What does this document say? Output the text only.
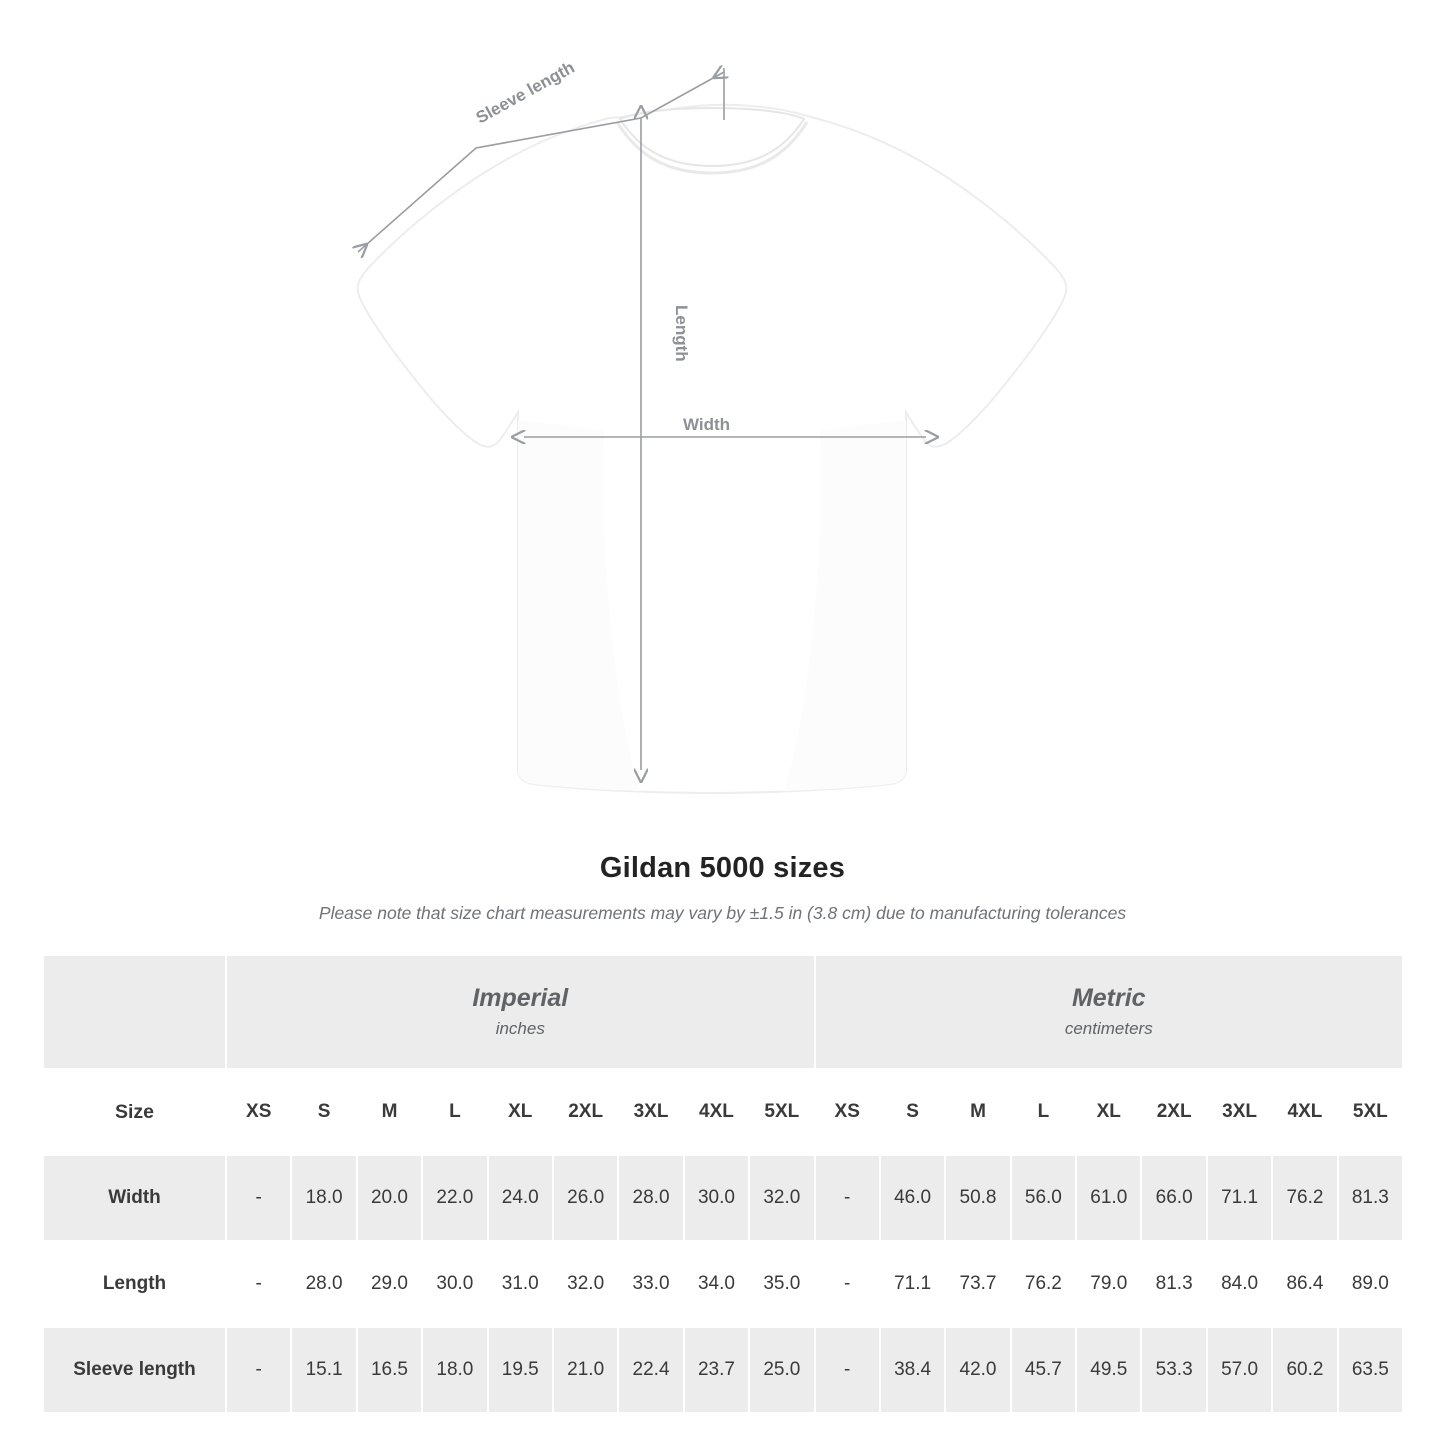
Sleeve length
Length
Width
Gildan 5000 sizes
Please note that size chart measurements may vary by ±1.5 in (3.8 cm) due to manufacturing tolerances

Imperial
inches

Metric
centimeters

Size	XS	S	M	L	XL	2XL	3XL	4XL	5XL	XS	S	M	L	XL	2XL	3XL	4XL	5XL
Width	-	18.0	20.0	22.0	24.0	26.0	28.0	30.0	32.0	-	46.0	50.8	56.0	61.0	66.0	71.1	76.2	81.3
Length	-	28.0	29.0	30.0	31.0	32.0	33.0	34.0	35.0	-	71.1	73.7	76.2	79.0	81.3	84.0	86.4	89.0
Sleeve length	-	15.1	16.5	18.0	19.5	21.0	22.4	23.7	25.0	-	38.4	42.0	45.7	49.5	53.3	57.0	60.2	63.5
